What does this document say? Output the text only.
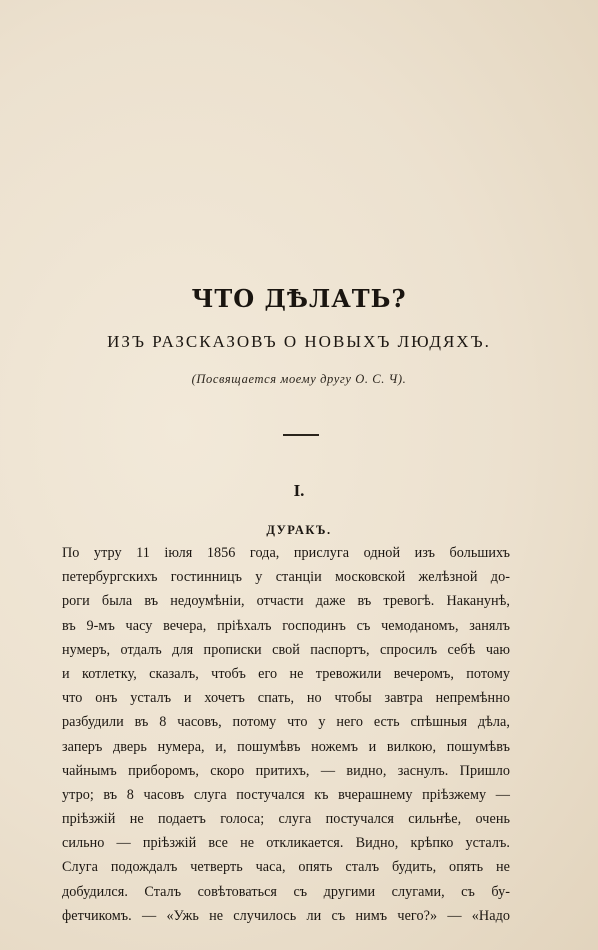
ЧТО ДѢЛАТЬ?
ИЗЪ РАЗСКАЗОВЪ О НОВЫХЪ ЛЮДЯХЪ.
(Посвящается моему другу О. С. Ч).
I.
ДУРАКЪ.
По утру 11 іюля 1856 года, прислуга одной изъ большихъ
петербургскихъ гостинницъ у станціи московской желѣзной до-
роги была въ недоумѣніи, отчасти даже въ тревогѣ. Наканунѣ,
въ 9-мъ часу вечера, пріѣхалъ господинъ съ чемоданомъ, занялъ
нумеръ, отдалъ для прописки свой паспортъ, спросилъ себѣ чаю
и котлетку, сказалъ, чтобъ его не тревожили вечеромъ, потому
что онъ усталъ и хочетъ спать, но чтобы завтра непремѣнно
разбудили въ 8 часовъ, потому что у него есть спѣшныя дѣла,
заперъ дверь нумера, и, пошумѣвъ ножемъ и вилкою, пошумѣвъ
чайнымъ приборомъ, скоро притихъ, — видно, заснулъ. Пришло
утро; въ 8 часовъ слуга постучался къ вчерашнему пріѣзжему —
пріѣзжій не подаетъ голоса; слуга постучался сильнѣе, очень
сильно — пріѣзжій все не откликается. Видно, крѣпко усталъ.
Слуга подождалъ четверть часа, опять сталъ будить, опять не
добудился. Сталъ совѣтоваться съ другими слугами, съ бу-
фетчикомъ. — «Ужь не случилось ли съ нимъ чего?» — «Надо
